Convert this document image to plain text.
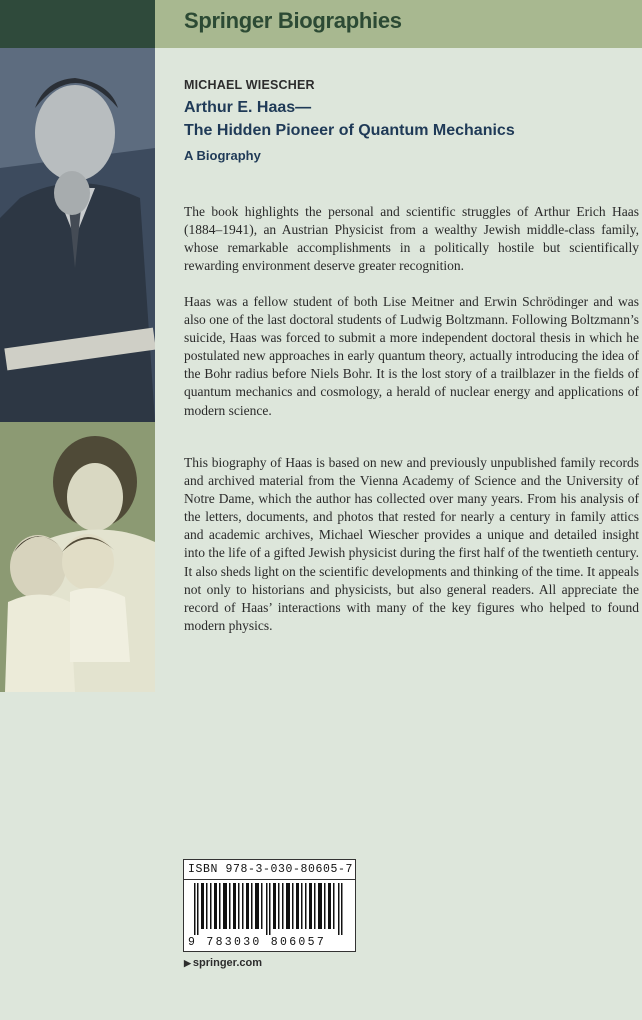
Springer Biographies
MICHAEL WIESCHER
Arthur E. Haas—
The Hidden Pioneer of Quantum Mechanics
A Biography

The book highlights the personal and scientific struggles of Arthur Erich Haas (1884–1941), an Austrian Physicist from a wealthy Jewish middle-class family, whose remarkable accomplishments in a politically hostile but scientifically rewarding environment deserve greater recognition.

Haas was a fellow student of both Lise Meitner and Erwin Schrödinger and was also one of the last doctoral students of Ludwig Boltzmann. Following Boltzmann’s suicide, Haas was forced to submit a more independent doctoral thesis in which he postulated new approaches in early quantum theory, actually introducing the idea of the Bohr radius before Niels Bohr. It is the lost story of a trailblazer in the fields of quantum mechanics and cosmology, a herald of nuclear energy and applications of modern science.

This biography of Haas is based on new and previously unpublished family records and archived material from the Vienna Academy of Science and the University of Notre Dame, which the author has collected over many years. From his analysis of the letters, documents, and photos that rested for nearly a century in family attics and academic archives, Michael Wiescher provides a unique and detailed insight into the life of a gifted Jewish physicist during the first half of the twentieth century. It also sheds light on the scientific developments and thinking of the time. It appeals not only to historians and physicists, but also general readers. All appreciate the record of Haas’ interactions with many of the key figures who helped to found modern physics.

ISBN 978-3-030-80605-7
9 783030 806057
▶ springer.com
